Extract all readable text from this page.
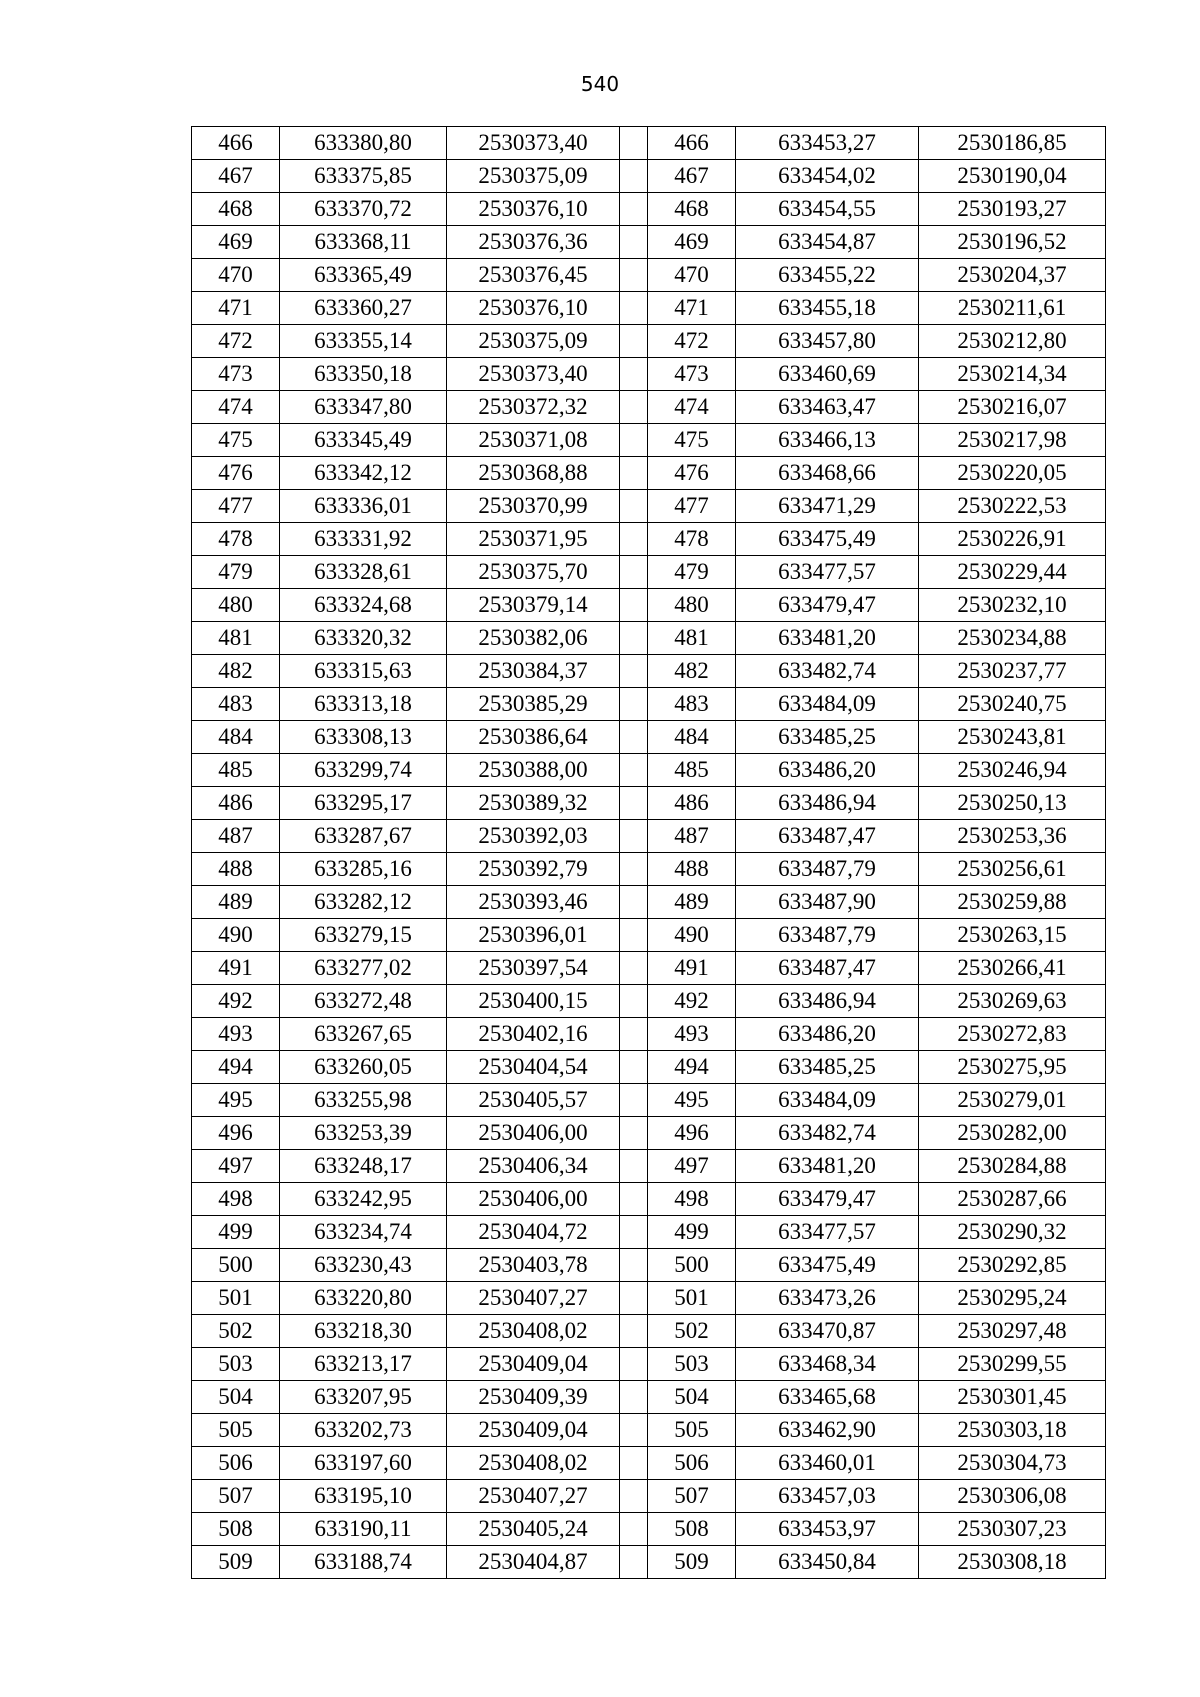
540
466	633380,80	2530373,40		466	633453,27	2530186,85
467	633375,85	2530375,09		467	633454,02	2530190,04
468	633370,72	2530376,10		468	633454,55	2530193,27
469	633368,11	2530376,36		469	633454,87	2530196,52
470	633365,49	2530376,45		470	633455,22	2530204,37
471	633360,27	2530376,10		471	633455,18	2530211,61
472	633355,14	2530375,09		472	633457,80	2530212,80
473	633350,18	2530373,40		473	633460,69	2530214,34
474	633347,80	2530372,32		474	633463,47	2530216,07
475	633345,49	2530371,08		475	633466,13	2530217,98
476	633342,12	2530368,88		476	633468,66	2530220,05
477	633336,01	2530370,99		477	633471,29	2530222,53
478	633331,92	2530371,95		478	633475,49	2530226,91
479	633328,61	2530375,70		479	633477,57	2530229,44
480	633324,68	2530379,14		480	633479,47	2530232,10
481	633320,32	2530382,06		481	633481,20	2530234,88
482	633315,63	2530384,37		482	633482,74	2530237,77
483	633313,18	2530385,29		483	633484,09	2530240,75
484	633308,13	2530386,64		484	633485,25	2530243,81
485	633299,74	2530388,00		485	633486,20	2530246,94
486	633295,17	2530389,32		486	633486,94	2530250,13
487	633287,67	2530392,03		487	633487,47	2530253,36
488	633285,16	2530392,79		488	633487,79	2530256,61
489	633282,12	2530393,46		489	633487,90	2530259,88
490	633279,15	2530396,01		490	633487,79	2530263,15
491	633277,02	2530397,54		491	633487,47	2530266,41
492	633272,48	2530400,15		492	633486,94	2530269,63
493	633267,65	2530402,16		493	633486,20	2530272,83
494	633260,05	2530404,54		494	633485,25	2530275,95
495	633255,98	2530405,57		495	633484,09	2530279,01
496	633253,39	2530406,00		496	633482,74	2530282,00
497	633248,17	2530406,34		497	633481,20	2530284,88
498	633242,95	2530406,00		498	633479,47	2530287,66
499	633234,74	2530404,72		499	633477,57	2530290,32
500	633230,43	2530403,78		500	633475,49	2530292,85
501	633220,80	2530407,27		501	633473,26	2530295,24
502	633218,30	2530408,02		502	633470,87	2530297,48
503	633213,17	2530409,04		503	633468,34	2530299,55
504	633207,95	2530409,39		504	633465,68	2530301,45
505	633202,73	2530409,04		505	633462,90	2530303,18
506	633197,60	2530408,02		506	633460,01	2530304,73
507	633195,10	2530407,27		507	633457,03	2530306,08
508	633190,11	2530405,24		508	633453,97	2530307,23
509	633188,74	2530404,87		509	633450,84	2530308,18
